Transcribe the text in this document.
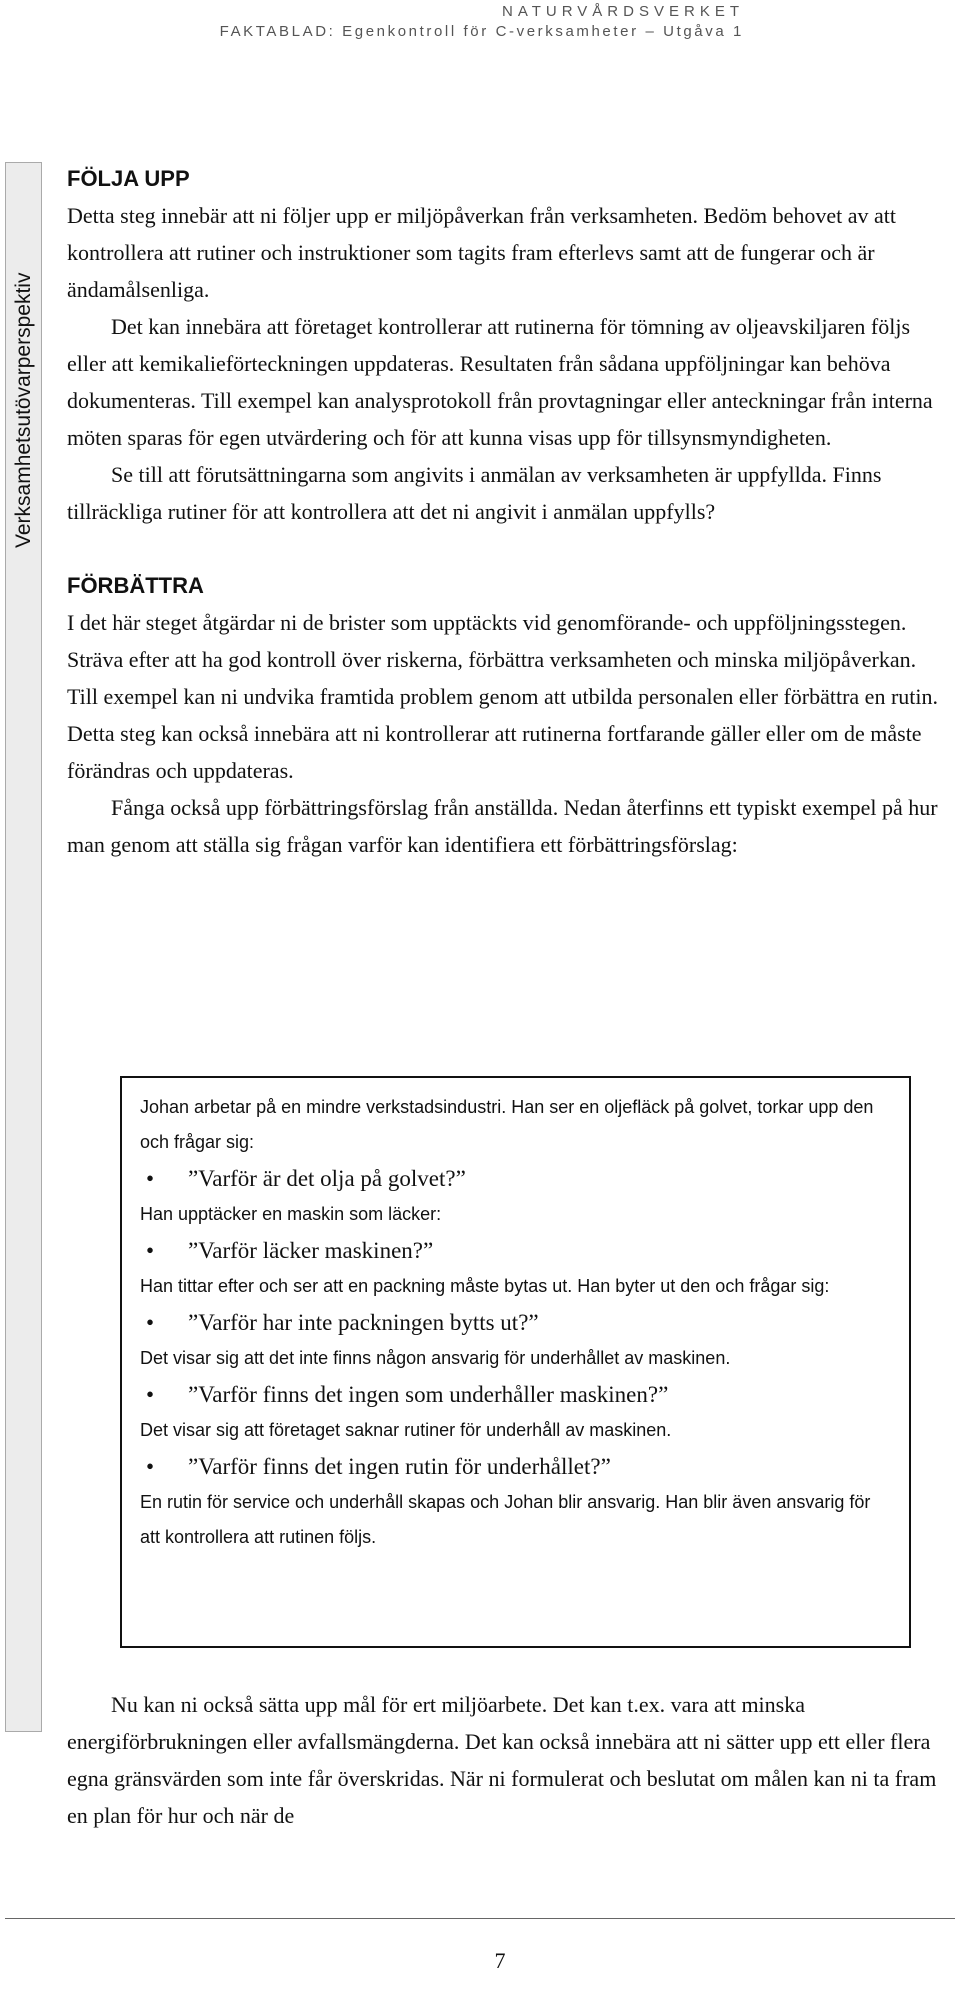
NATURVÅRDSVERKET
FAKTABLAD: Egenkontroll för C-verksamheter – Utgåva 1
Verksamhetsutövarperspektiv
FÖLJA UPP

Detta steg innebär att ni följer upp er miljöpåverkan från verksamheten. Bedöm behovet av att kontrollera att rutiner och instruktioner som tagits fram efterlevs samt att de fungerar och är ändamålsenliga.

Det kan innebära att företaget kontrollerar att rutinerna för tömning av oljeavskiljaren följs eller att kemikalieförteckningen uppdateras. Resultaten från sådana uppföljningar kan behöva dokumenteras. Till exempel kan analysprotokoll från provtagningar eller anteckningar från interna möten sparas för egen utvärdering och för att kunna visas upp för tillsynsmyndigheten.

Se till att förutsättningarna som angivits i anmälan av verksamheten är uppfyllda. Finns tillräckliga rutiner för att kontrollera att det ni angivit i anmälan uppfylls?

FÖRBÄTTRA

I det här steget åtgärdar ni de brister som upptäckts vid genomförande- och uppföljningsstegen. Sträva efter att ha god kontroll över riskerna, förbättra verksamheten och minska miljöpåverkan. Till exempel kan ni undvika framtida problem genom att utbilda personalen eller förbättra en rutin. Detta steg kan också innebära att ni kontrollerar att rutinerna fortfarande gäller eller om de måste förändras och uppdateras.

Fånga också upp förbättringsförslag från anställda. Nedan återfinns ett typiskt exempel på hur man genom att ställa sig frågan varför kan identifiera ett förbättringsförslag:

Johan arbetar på en mindre verkstadsindustri. Han ser en oljefläck på golvet, torkar upp den och frågar sig:

• ”Varför är det olja på golvet?”

Han upptäcker en maskin som läcker:

• ”Varför läcker maskinen?”

Han tittar efter och ser att en packning måste bytas ut. Han byter ut den och frågar sig:

• ”Varför har inte packningen bytts ut?”

Det visar sig att det inte finns någon ansvarig för underhållet av maskinen.

• ”Varför finns det ingen som underhåller maskinen?”

Det visar sig att företaget saknar rutiner för underhåll av maskinen.

• ”Varför finns det ingen rutin för underhållet?”

En rutin för service och underhåll skapas och Johan blir ansvarig. Han blir även ansvarig för att kontrollera att rutinen följs.

Nu kan ni också sätta upp mål för ert miljöarbete. Det kan t.ex. vara att minska energiförbrukningen eller avfallsmängderna. Det kan också innebära att ni sätter upp ett eller flera egna gränsvärden som inte får överskridas. När ni formulerat och beslutat om målen kan ni ta fram en plan för hur och när de

7
